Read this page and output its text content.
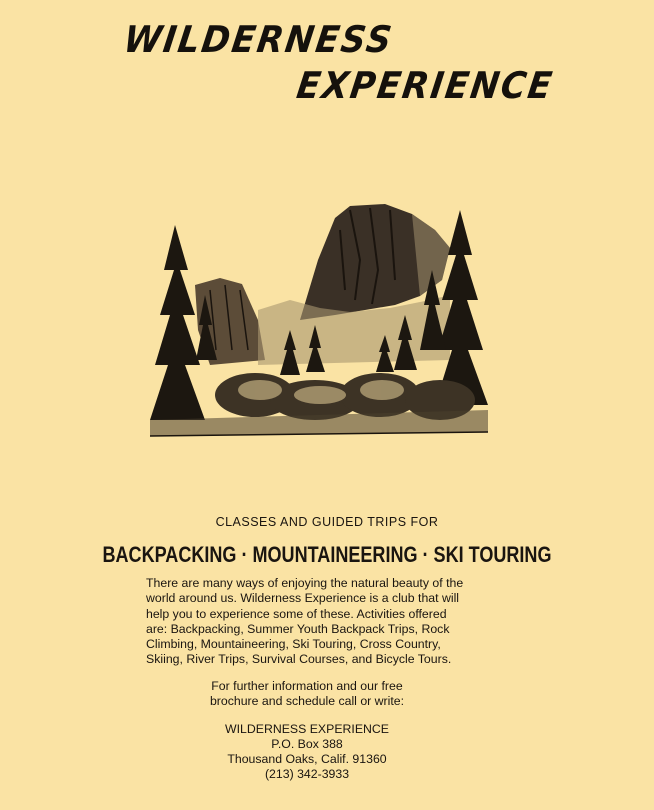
WILDERNESS
EXPERIENCE
CLASSES AND GUIDED TRIPS FOR
BACKPACKING · MOUNTAINEERING · SKI TOURING
There are many ways of enjoying the natural beauty of the
world around us. Wilderness Experience is a club that will
help you to experience some of these. Activities offered
are: Backpacking, Summer Youth Backpack Trips, Rock
Climbing, Mountaineering, Ski Touring, Cross Country,
Skiing, River Trips, Survival Courses, and Bicycle Tours.
For further information and our free
brochure and schedule call or write:
WILDERNESS EXPERIENCE
P.O. Box 388
Thousand Oaks, Calif. 91360
(213) 342-3933
